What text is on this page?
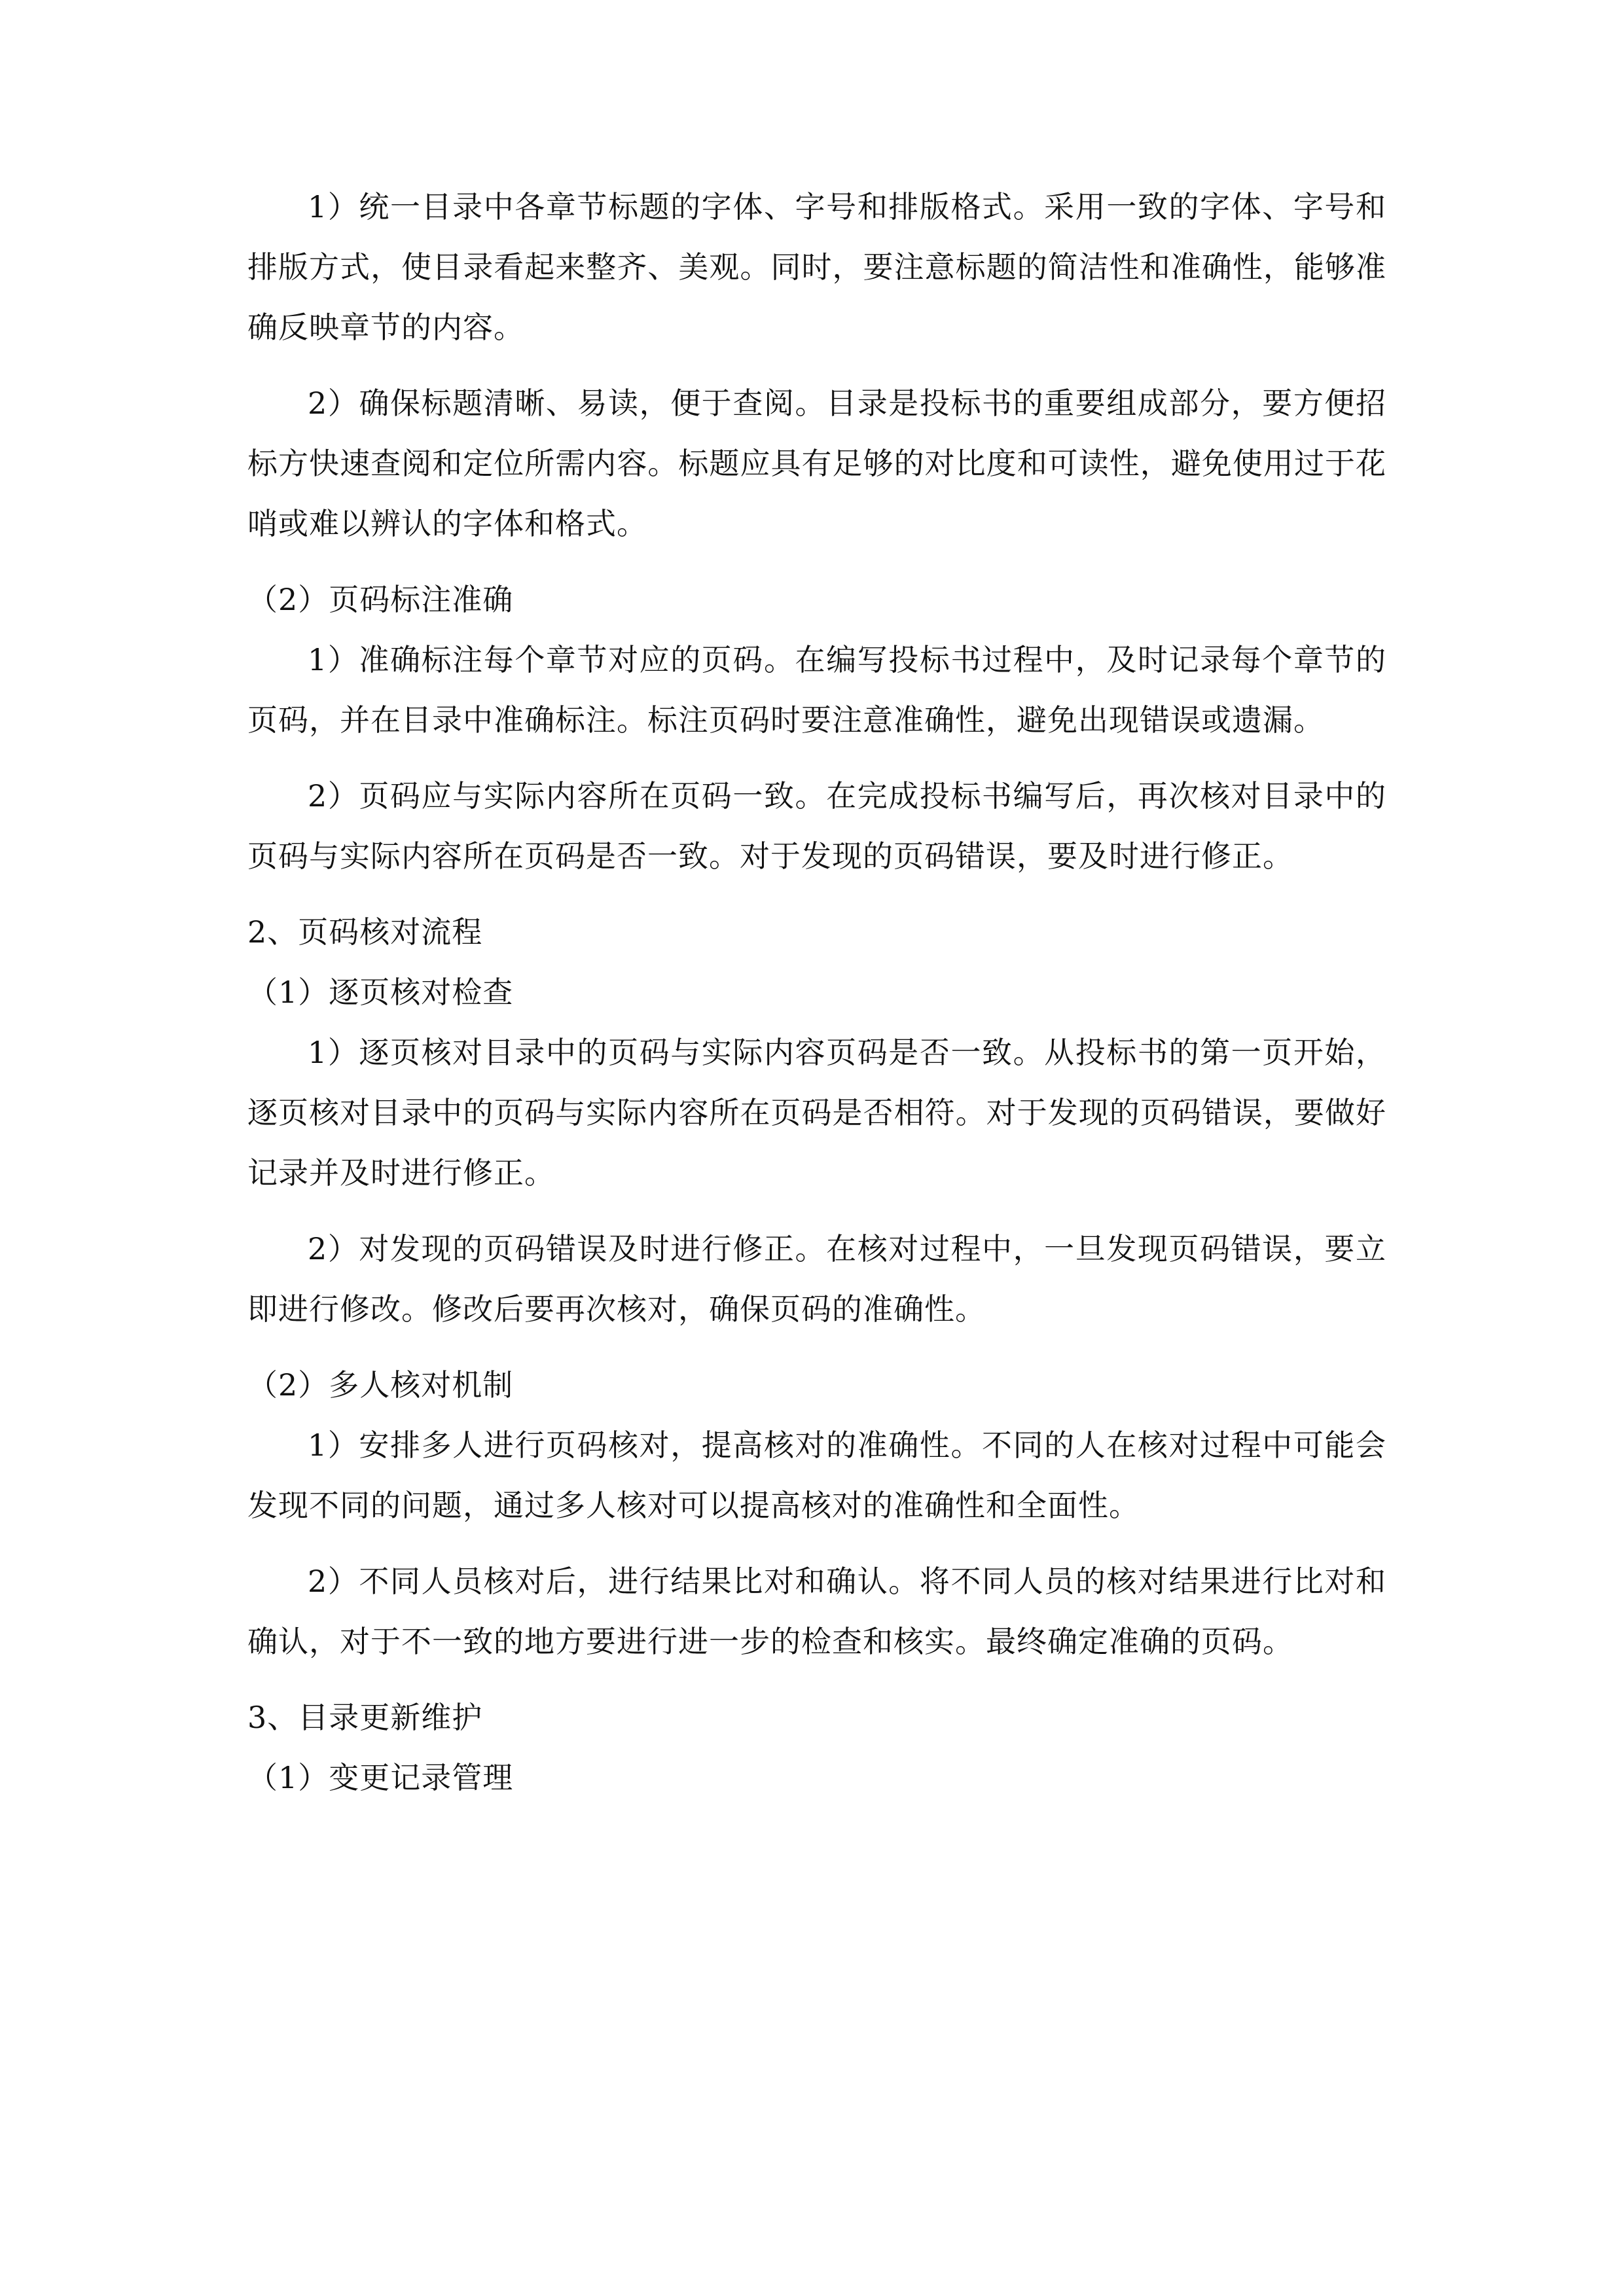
1）统一目录中各章节标题的字体、字号和排版格式。采用一致的字体、字号和排版方式，使目录看起来整齐、美观。同时，要注意标题的简洁性和准确性，能够准确反映章节的内容。

2）确保标题清晰、易读，便于查阅。目录是投标书的重要组成部分，要方便招标方快速查阅和定位所需内容。标题应具有足够的对比度和可读性，避免使用过于花哨或难以辨认的字体和格式。

（2）页码标注准确

1）准确标注每个章节对应的页码。在编写投标书过程中，及时记录每个章节的页码，并在目录中准确标注。标注页码时要注意准确性，避免出现错误或遗漏。

2）页码应与实际内容所在页码一致。在完成投标书编写后，再次核对目录中的页码与实际内容所在页码是否一致。对于发现的页码错误，要及时进行修正。

2、页码核对流程

（1）逐页核对检查

1）逐页核对目录中的页码与实际内容页码是否一致。从投标书的第一页开始，逐页核对目录中的页码与实际内容所在页码是否相符。对于发现的页码错误，要做好记录并及时进行修正。

2）对发现的页码错误及时进行修正。在核对过程中，一旦发现页码错误，要立即进行修改。修改后要再次核对，确保页码的准确性。

（2）多人核对机制

1）安排多人进行页码核对，提高核对的准确性。不同的人在核对过程中可能会发现不同的问题，通过多人核对可以提高核对的准确性和全面性。

2）不同人员核对后，进行结果比对和确认。将不同人员的核对结果进行比对和确认，对于不一致的地方要进行进一步的检查和核实。最终确定准确的页码。

3、目录更新维护

（1）变更记录管理
